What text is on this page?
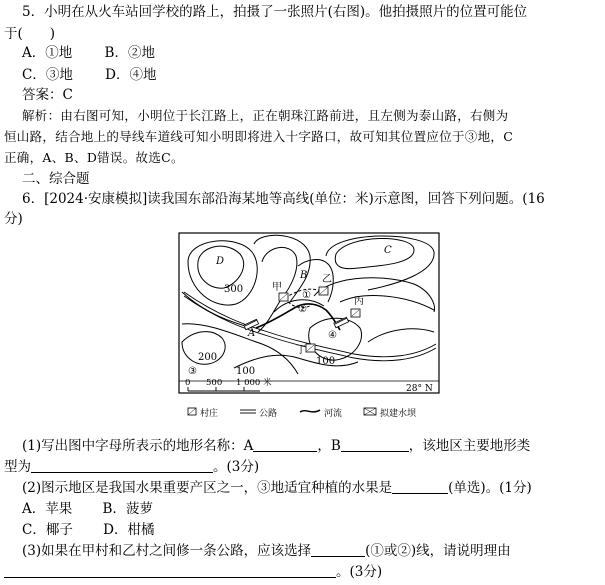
5．小明在从火车站回学校的路上，拍摄了一张照片(右图)。他拍摄照片的位置可能位
于(　　)
A．①地 B．②地
C．③地 D．④地
答案：C
解析：由右图可知，小明位于长江路上，正在朝珠江路前进，且左侧为泰山路，右侧为
恒山路，结合地上的导线车道线可知小明即将进入十字路口，故可知其位置应位于③地，C
正确，A、B、D错误。故选C。
二、综合题
6．[2024·安康模拟]读我国东部沿海某地等高线(单位：米)示意图，回答下列问题。(16
分)
D
A
B
C
甲
乙
丙
丁
①
②
③
④
300
200
100
100
28° N
0 500 1 000 米
村庄	公路	河流	拟建水坝
(1)写出图中字母所表示的地形名称：A	，B	，该地区主要地形类
型为	。(3分)
(2)图示地区是我国水果重要产区之一，③地适宜种植的水果是	(单选)。(1分)
A．苹果 B．菠萝
C．椰子 D．柑橘
(3)如果在甲村和乙村之间修一条公路，应该选择	(①或②)线，请说明理由
。(3分)
